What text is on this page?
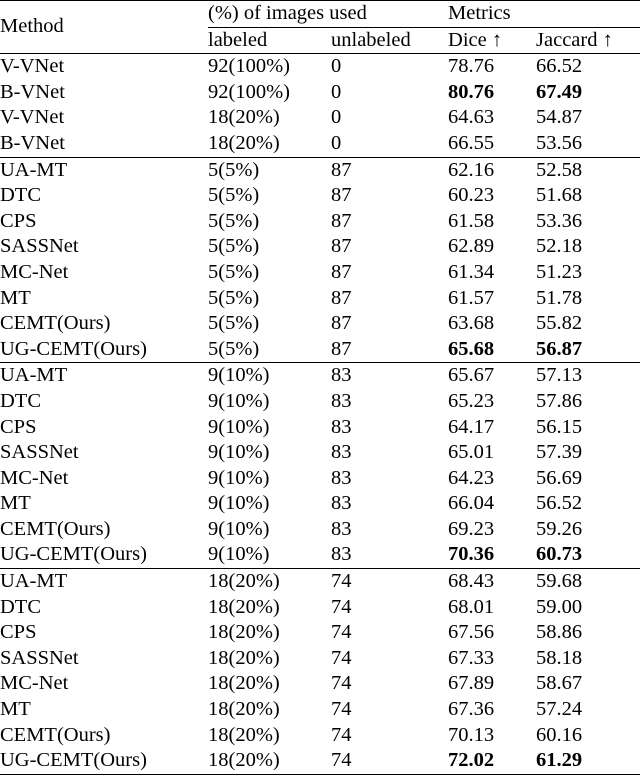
Method	(%) of images used		Metrics	
	labeled	unlabeled	Dice ↑	Jaccard ↑
V-VNet	92(100%)	0	78.76	66.52
B-VNet	92(100%)	0	80.76	67.49
V-VNet	18(20%)	0	64.63	54.87
B-VNet	18(20%)	0	66.55	53.56
UA-MT	5(5%)	87	62.16	52.58
DTC	5(5%)	87	60.23	51.68
CPS	5(5%)	87	61.58	53.36
SASSNet	5(5%)	87	62.89	52.18
MC-Net	5(5%)	87	61.34	51.23
MT	5(5%)	87	61.57	51.78
CEMT(Ours)	5(5%)	87	63.68	55.82
UG-CEMT(Ours)	5(5%)	87	65.68	56.87
UA-MT	9(10%)	83	65.67	57.13
DTC	9(10%)	83	65.23	57.86
CPS	9(10%)	83	64.17	56.15
SASSNet	9(10%)	83	65.01	57.39
MC-Net	9(10%)	83	64.23	56.69
MT	9(10%)	83	66.04	56.52
CEMT(Ours)	9(10%)	83	69.23	59.26
UG-CEMT(Ours)	9(10%)	83	70.36	60.73
UA-MT	18(20%)	74	68.43	59.68
DTC	18(20%)	74	68.01	59.00
CPS	18(20%)	74	67.56	58.86
SASSNet	18(20%)	74	67.33	58.18
MC-Net	18(20%)	74	67.89	58.67
MT	18(20%)	74	67.36	57.24
CEMT(Ours)	18(20%)	74	70.13	60.16
UG-CEMT(Ours)	18(20%)	74	72.02	61.29
